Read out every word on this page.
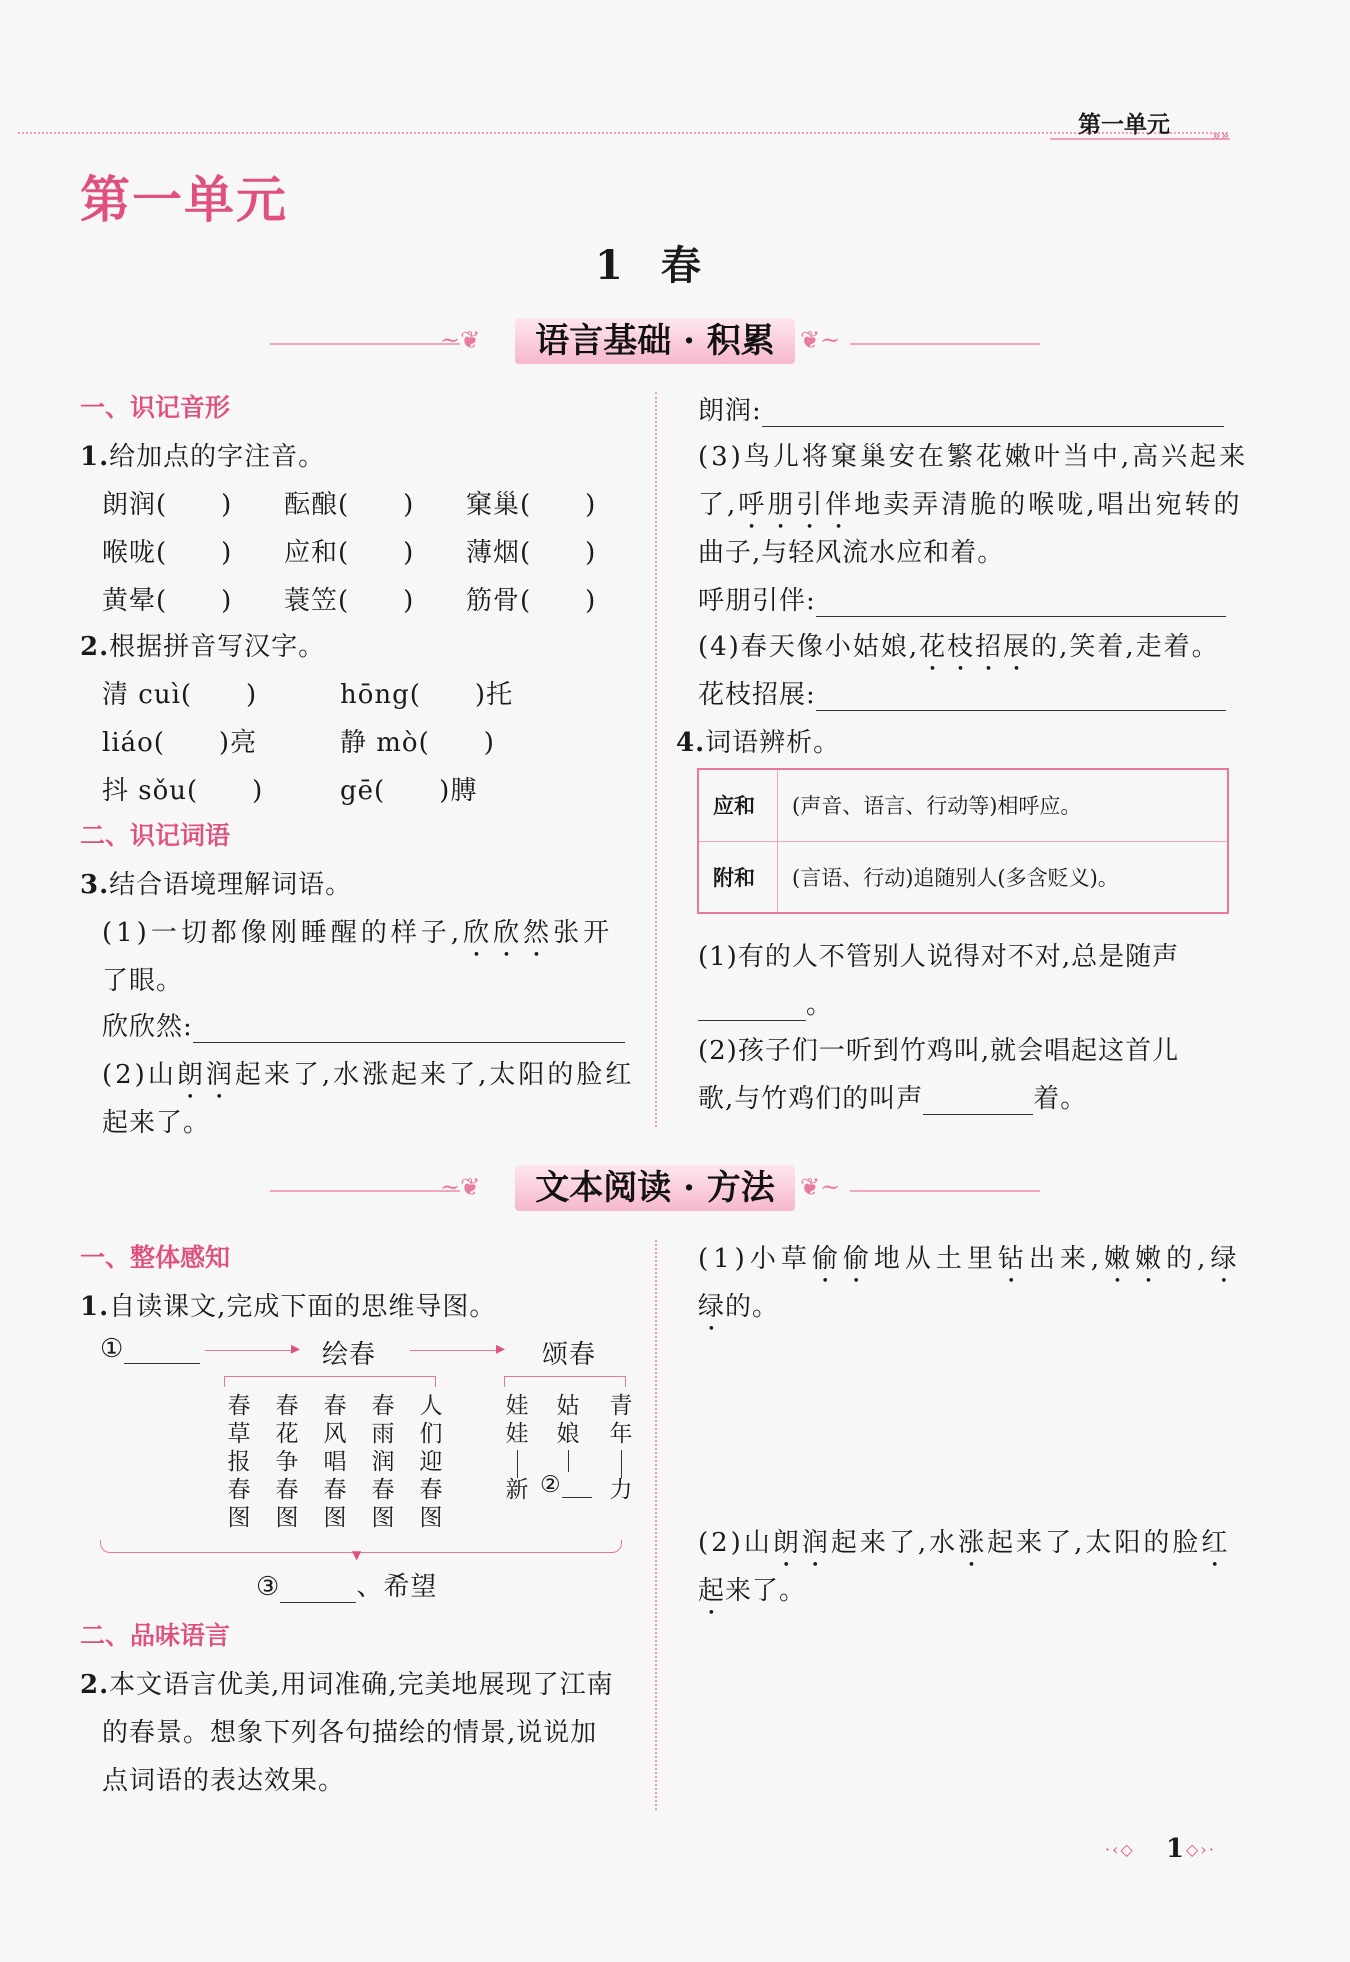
第一单元	»»
第一单元
1 春
~❦	语言基础 · 积累	❦~
一、识记音形
1.给加点的字注音。
朗润(　　) 酝酿(　　) 窠巢(　　)
喉咙(　　) 应和(　　) 薄烟(　　)
黄晕(　　) 蓑笠(　　) 筋骨(　　)
2.根据拼音写汉字。
清 cuì(　　)	hōng(　　)托
liáo(　　)亮	静 mò(　　)
抖 sǒu(　　)	gē(　　)膊
二、识记词语
3.结合语境理解词语。
(1)一切都像刚睡醒的样子,欣欣然张开
了眼。
欣欣然:
(2)山朗润起来了,水涨起来了,太阳的脸红
起来了。
朗润:
(3)鸟儿将窠巢安在繁花嫩叶当中,高兴起来
了,呼朋引伴地卖弄清脆的喉咙,唱出宛转的
曲子,与轻风流水应和着。
呼朋引伴:
(4)春天像小姑娘,花枝招展的,笑着,走着。
花枝招展:
4.词语辨析。
应和	(声音、语言、行动等)相呼应。
附和	(言语、行动)追随别人(多含贬义)。
(1)有的人不管别人说得对不对,总是随声
。
(2)孩子们一听到竹鸡叫,就会唱起这首儿
歌,与竹鸡们的叫声	着。
~❦	文本阅读 · 方法	❦~
一、整体感知
1.自读课文,完成下面的思维导图。
①	▸ 绘春	▸ 颂春
春草报春图
春花争春图
春风唱春图
春雨润春图
人们迎春图
娃娃
新
姑娘
②
青年
力
▼
③	、希望
二、品味语言
2.本文语言优美,用词准确,完美地展现了江南
的春景。想象下列各句描绘的情景,说说加
点词语的表达效果。
(1)小草偷偷地从土里钻出来,嫩嫩的,绿
绿的。
(2)山朗润起来了,水涨起来了,太阳的脸红
起来了。
·‹◇ 1 ◇›·
